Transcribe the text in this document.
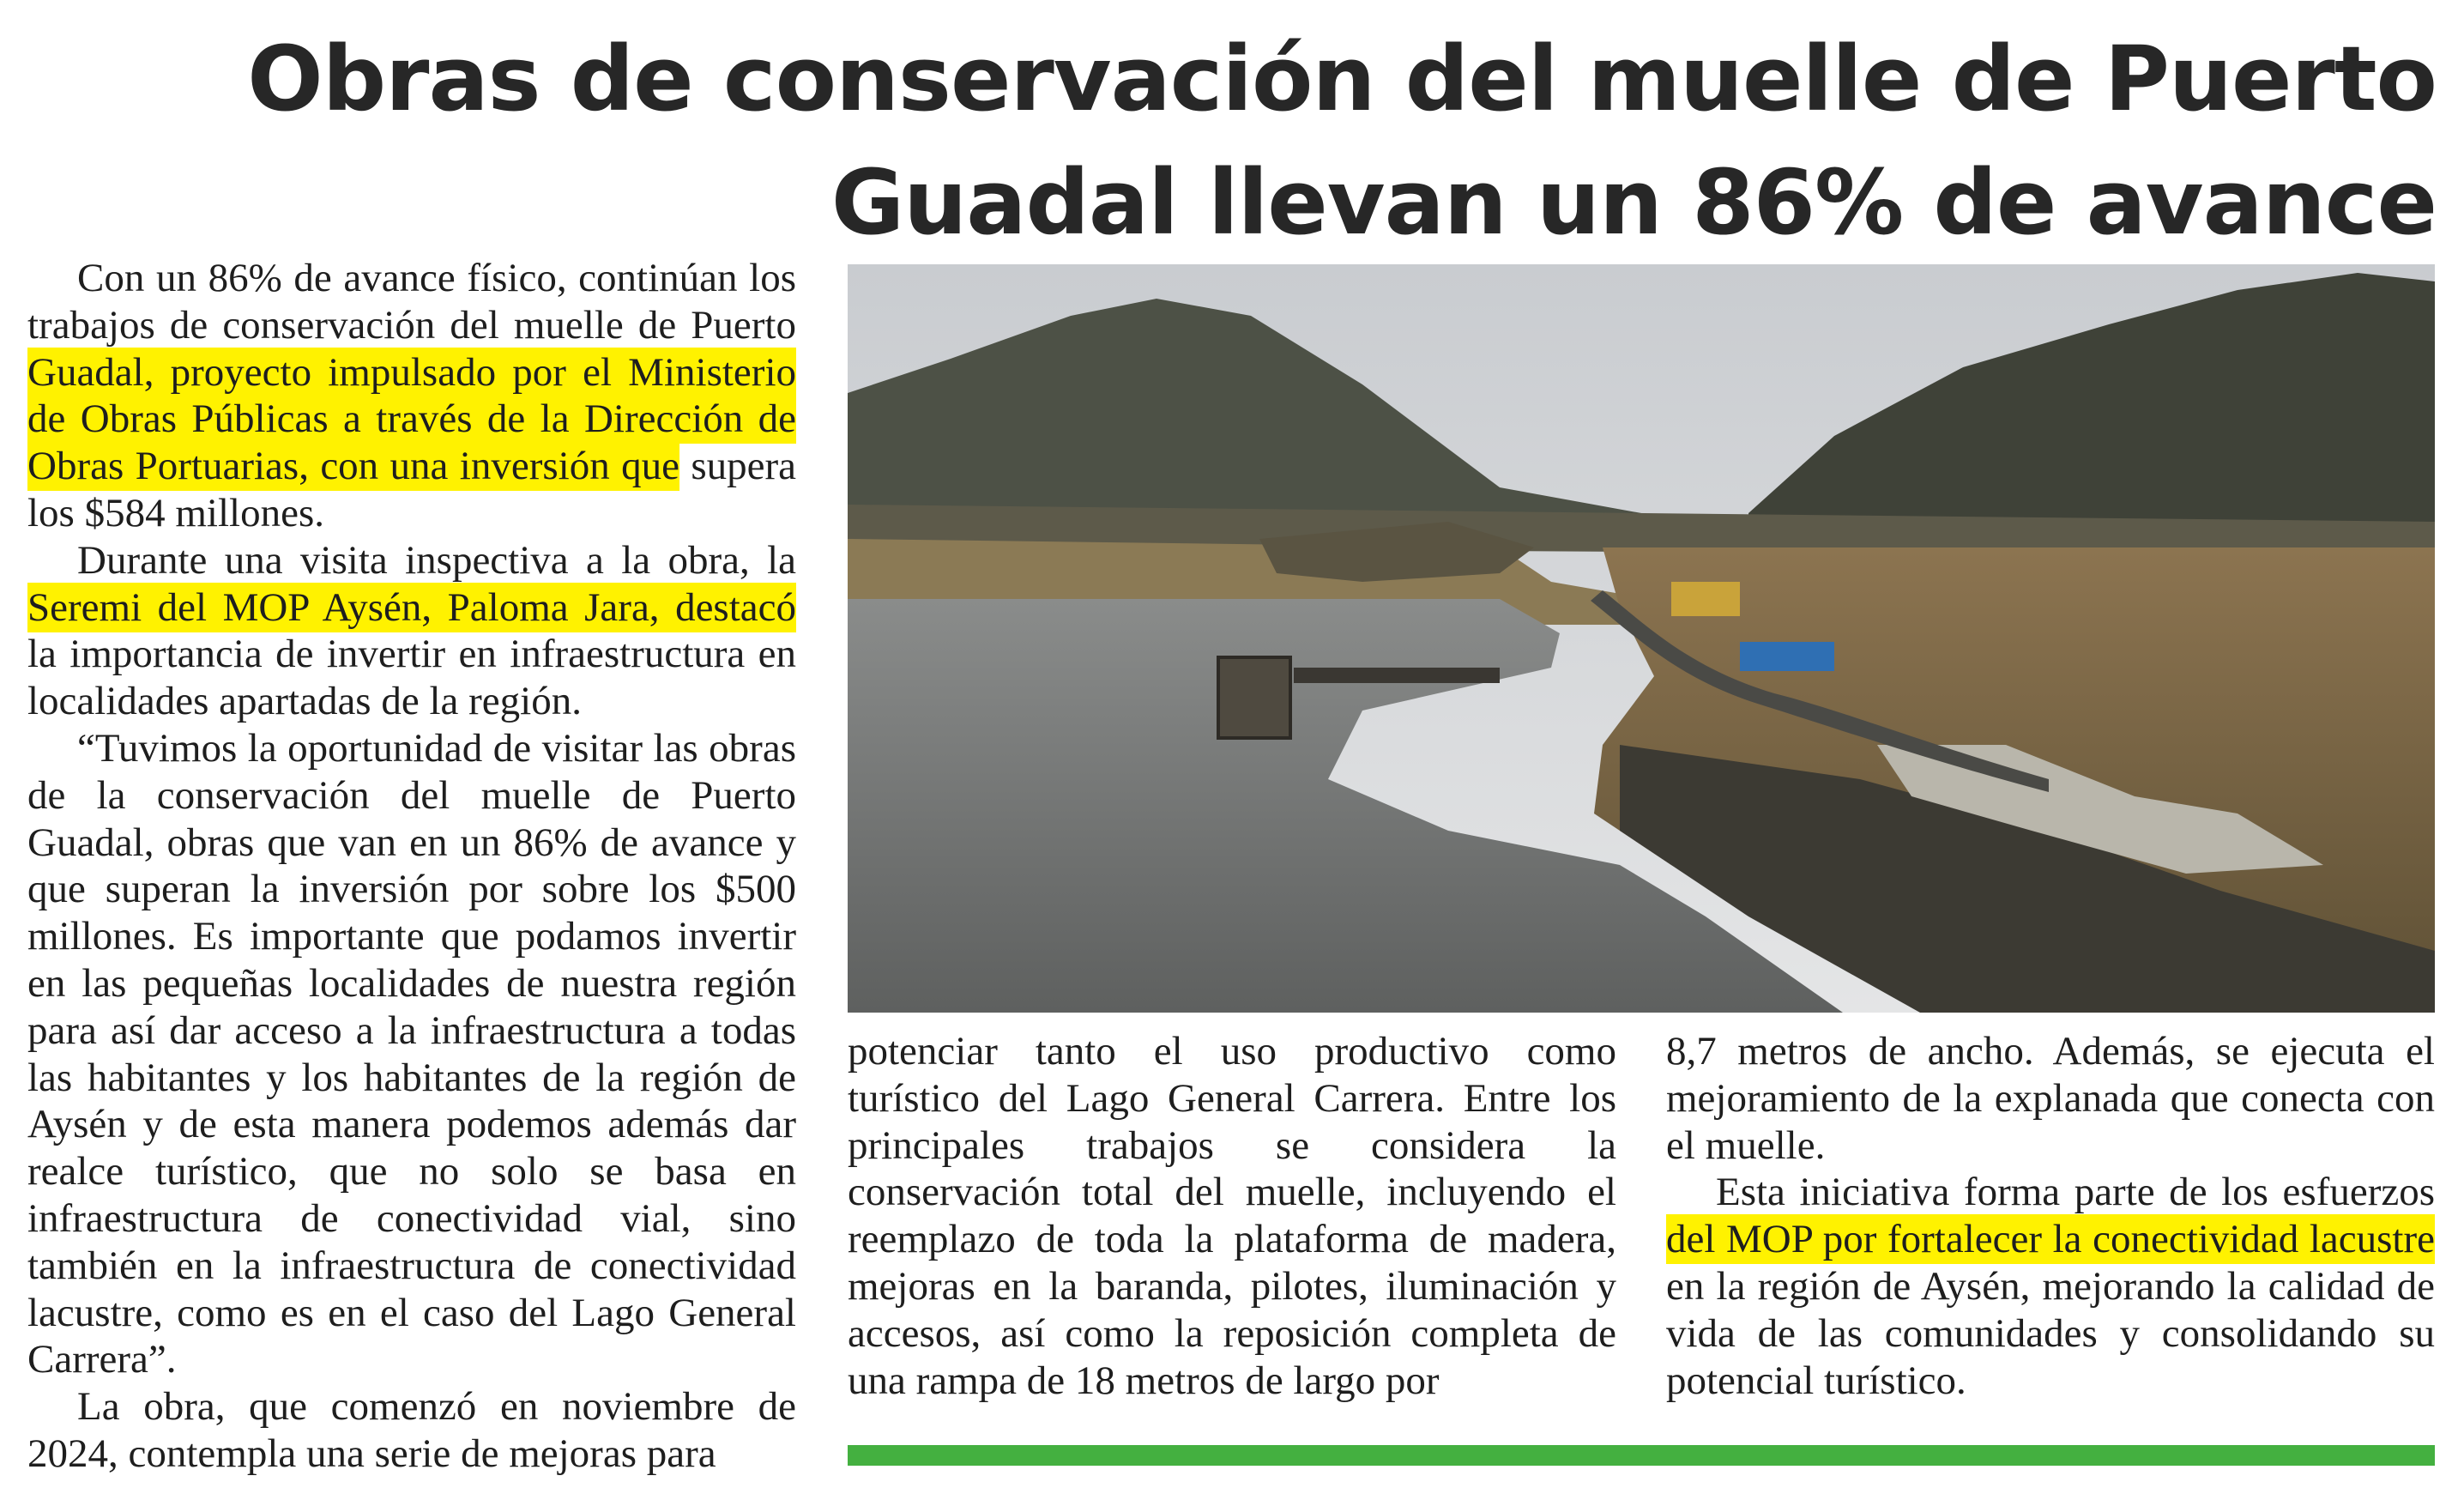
Obras de conservación del muelle de Puerto Guadal llevan un 86% de avance

Con un 86% de avance físico, continúan los trabajos de conservación del muelle de Puerto Guadal, proyecto impulsado por el Ministerio de Obras Públicas a través de la Dirección de Obras Portuarias, con una inversión que supera los $584 millones.

Durante una visita inspectiva a la obra, la Seremi del MOP Aysén, Paloma Jara, destacó la importancia de invertir en infraestructura en localidades apartadas de la región.

“Tuvimos la oportunidad de visitar las obras de la conservación del muelle de Puerto Guadal, obras que van en un 86% de avance y que superan la inversión por sobre los $500 millones. Es importante que podamos invertir en las pequeñas localidades de nuestra región para así dar acceso a la infraestructura a todas las habitantes y los habitantes de la región de Aysén y de esta manera podemos además dar realce turístico, que no solo se basa en infraestructura de conectividad vial, sino también en la infraestructura de conectividad lacustre, como es en el caso del Lago General Carrera”.

La obra, que comenzó en noviembre de 2024, contempla una serie de mejoras para

potenciar tanto el uso productivo como turístico del Lago General Carrera. Entre los principales trabajos se considera la conservación total del muelle, incluyendo el reemplazo de toda la plataforma de madera, mejoras en la baranda, pilotes, iluminación y accesos, así como la reposición completa de una rampa de 18 metros de largo por

8,7 metros de ancho. Además, se ejecuta el mejoramiento de la explanada que conecta con el muelle.

Esta iniciativa forma parte de los esfuerzos del MOP por fortalecer la conectividad lacustre en la región de Aysén, mejorando la calidad de vida de las comunidades y consolidando su potencial turístico.
